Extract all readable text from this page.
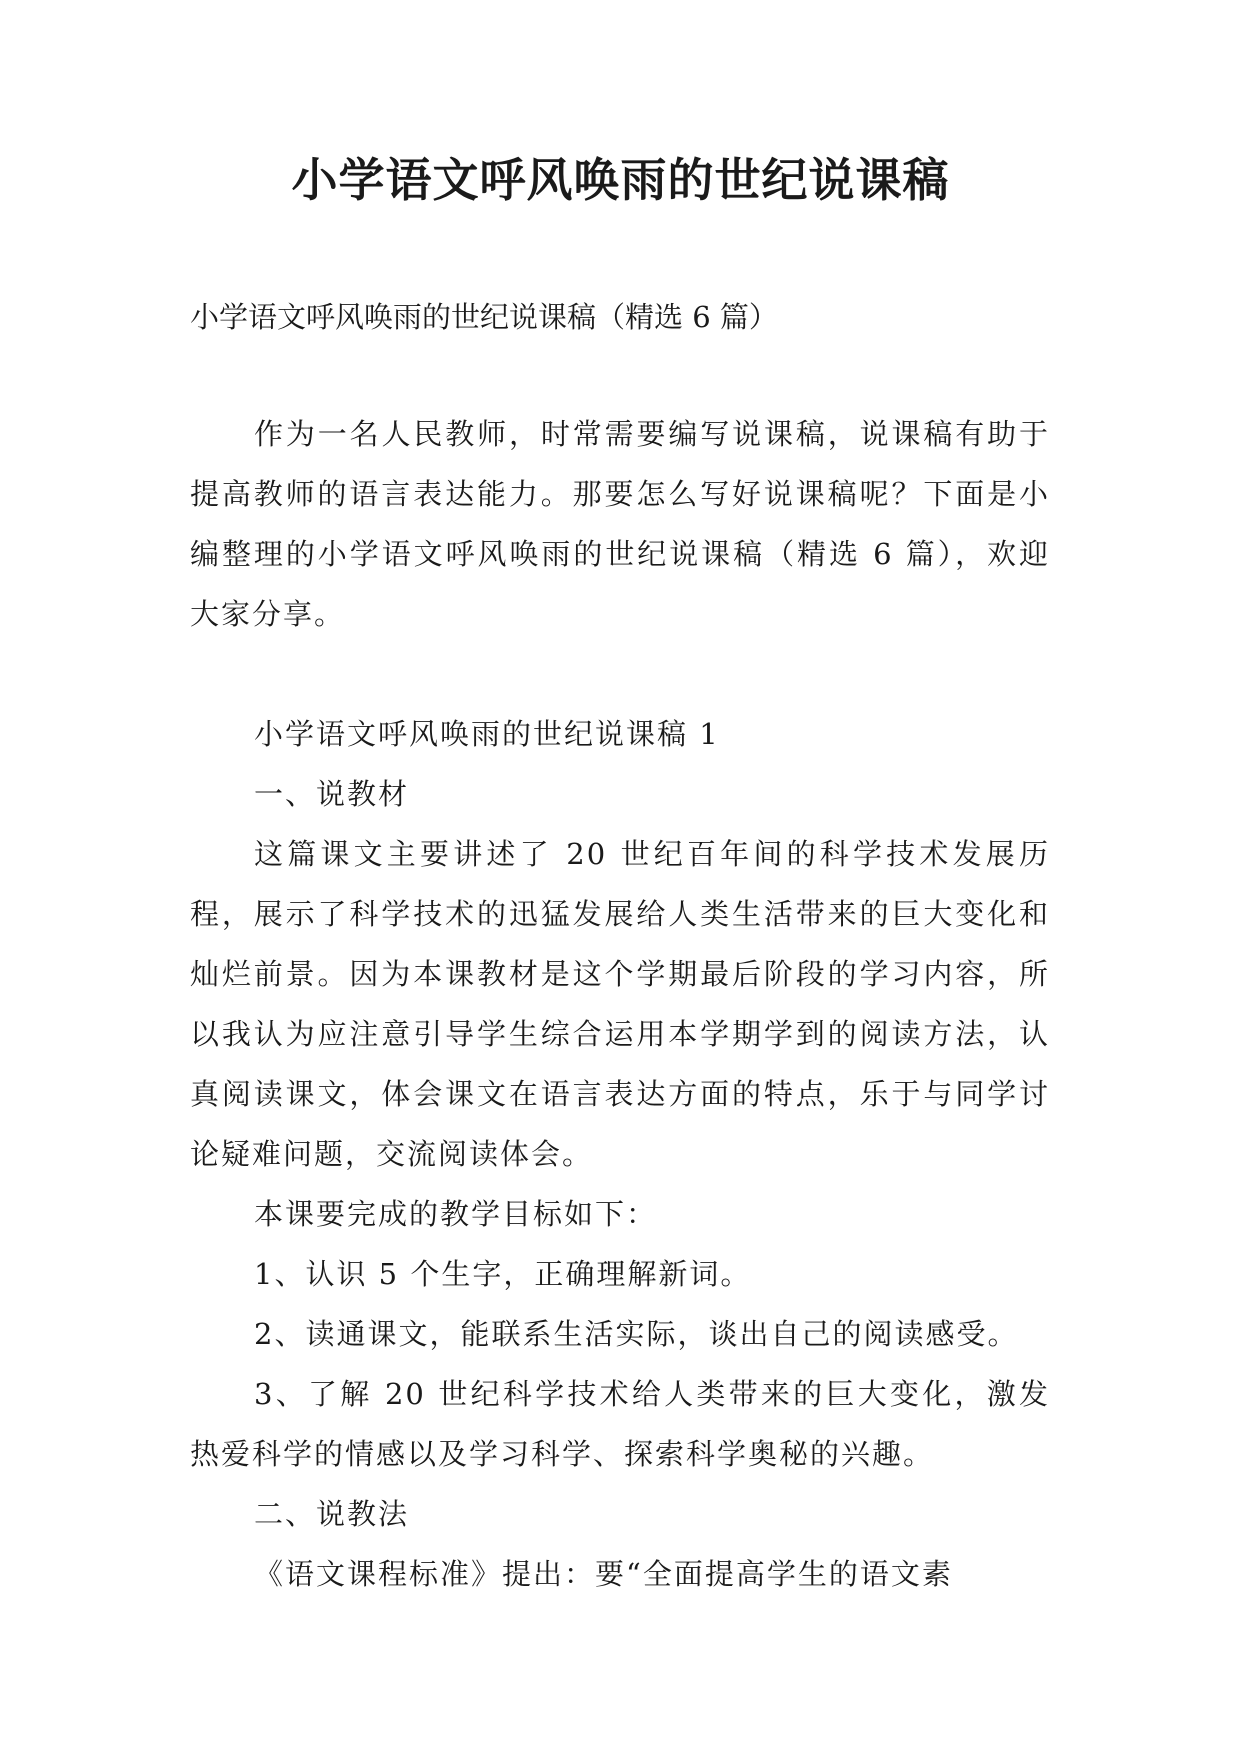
小学语文呼风唤雨的世纪说课稿
小学语文呼风唤雨的世纪说课稿（精选 6 篇）

作为一名人民教师，时常需要编写说课稿，说课稿有助于提高教师的语言表达能力。那要怎么写好说课稿呢？下面是小编整理的小学语文呼风唤雨的世纪说课稿（精选 6 篇），欢迎大家分享。

小学语文呼风唤雨的世纪说课稿 1

一、说教材

这篇课文主要讲述了 20 世纪百年间的科学技术发展历程，展示了科学技术的迅猛发展给人类生活带来的巨大变化和灿烂前景。因为本课教材是这个学期最后阶段的学习内容，所以我认为应注意引导学生综合运用本学期学到的阅读方法，认真阅读课文，体会课文在语言表达方面的特点，乐于与同学讨论疑难问题，交流阅读体会。

本课要完成的教学目标如下：

1、认识 5 个生字，正确理解新词。

2、读通课文，能联系生活实际，谈出自己的阅读感受。

3、了解 20 世纪科学技术给人类带来的巨大变化，激发热爱科学的情感以及学习科学、探索科学奥秘的兴趣。

二、说教法

《语文课程标准》提出：要“全面提高学生的语文素
